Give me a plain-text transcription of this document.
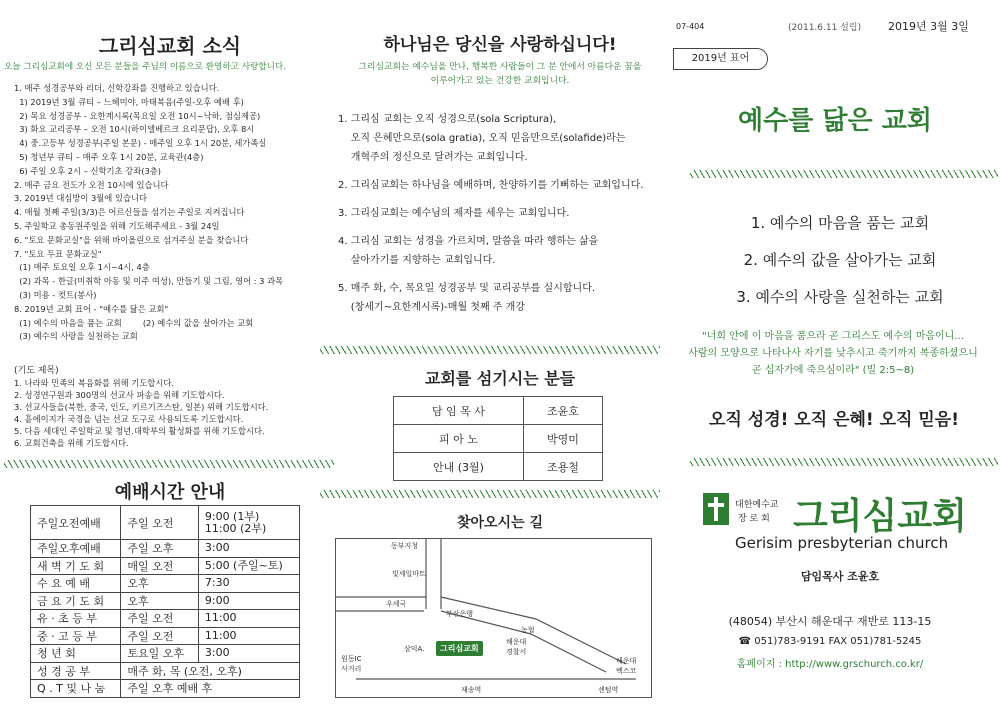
그리심교회 소식
오늘 그리심교회에 오신 모든 분들을 주님의 이름으로 환영하고 사랑합니다.
1. 매주 성경공부와 리더, 신학강좌를 진행하고 있습니다.
1) 2019년 3월 큐티 – 느헤미야, 마태복음(주일-오후 예배 후)
2) 목요 성경공부 - 요한계시록(목요일 오전 10시~낙하, 점심제공)
3) 화요 교리공부 – 오전 10시(하이델베르크 요리문답), 오후 8시
4) 중.고등부 성경공부(주일 본문) - 매주일 오후 1시 20분, 세가족실
5) 청년부 큐티 – 매주 오후 1시 20분, 교육관(4층)
6) 주일 오후 2시 – 신학기초 강좌(3층)
2. 매주 금요 전도가 오전 10시에 있습니다
3. 2019년 대심방이 3월에 있습니다
4. 매월 첫째 주일(3/3)은 어르신들을 섬기는 주일로 지켜집니다
5. 주일학교 총동원주일을 위해 기도해주세요 - 3월 24일
6. "토요 문화교실"을 위해 바이올린으로 섬겨주실 분을 찾습니다
7. "토요 두표 문화교실"
(1) 매주 토요일 오후 1시~4시, 4층
(2) 과목 - 한글(미취학 아동 및 이주 여성), 만들기 및 그림, 영어 : 3 과목
(3) 미용 - 컷트(봉사)
8. 2019년 교회 표어 - "예수를 닮은 교회"
(1) 예수의 마음을 품는 교회        (2) 예수의 값을 살아가는 교회
(3) 예수의 사랑을 실천하는 교회
(기도 제목)
1. 나라와 민족의 복음화를 위해 기도합시다.
2. 성경연구원과 300명의 선교사 파송을 위해 기도합시다.
3. 선교사들을(북한, 중국, 인도, 키르기즈스탄, 일본) 위해 기도합시다.
4. 흩에이지가 국경을 넘는 선교 도구로 사용되도록 기도합시다.
5. 다음 세대인 주일학교 및 청년.대학부의 활성화를 위해 기도합시다.
6. 교회건축을 위해 기도합시다.
예배시간 안내
주일오전예배	주일 오전	9:00 (1부)
11:00 (2부)
주일오후예배	주일 오후	3:00
새 벽 기 도 회	매일 오전	5:00 (주일~토)
수 요 예 배	오후	7:30
금 요 기 도 회	오후	9:00
유 · 초 등 부	주일 오전	11:00
중 · 고 등 부	주일 오전	11:00
청 년 회	토요일 오후	3:00
성 경 공 부	매주 화, 목 (오전, 오후)	
Q . T 및 나 눔	주일 오후 예배 후	
하나님은 당신을 사랑하십니다!
그리심교회는 예수님을 만나, 행복한 사람들이 그 분 안에서 아름다운 꿈을
이루어가고 있는 건강한 교회입니다.
1. 그리심 교회는 오직 성경으로(sola Scriptura),
오직 은혜만으로(sola gratia), 오직 믿음만으로(solafide)라는
개혁주의 정신으로 달려가는 교회입니다.
2. 그리심교회는 하나님을 예배하며, 찬양하기를 기뻐하는 교회입니다.
3. 그리심교회는 예수님의 제자를 세우는 교회입니다.
4. 그리심 교회는 성경을 가르치며, 말씀을 따라 행하는 삶을
살아가기를 지향하는 교회입니다.
5. 매주 화, 수, 목요일 성경공부 및 교리공부를 실시합니다.
(창세기~요한계시록)-매월 첫째 주 개강
교회를 섬기시는 분들
담 임 목 사	조윤호
피 아 노	박영미
안내 (3월)	조용철
찾아오시는 길
동부지청
빛세일마트
우세국
부산은행
농협
해운대
경찰서
삼익A.	그리심교회
원동IC
사거리
해운대
벡스코
재송역	센텀역
07-404	(2011.6.11 설립) 2019년 3월 3일
2019년 표어
예수를 닮은 교회
1. 예수의 마음을 품는 교회
2. 예수의 값을 살아가는 교회
3. 예수의 사랑을 실천하는 교회
"너희 안에 이 마음을 품으라 곧 그리스도 예수의 마음이니...
사람의 모양으로 나타나사 자기를 낮추시고 죽기까지 복종하셨으니
곧 십자가에 죽으심이라" (빌 2:5~8)
오직 성경! 오직 은혜! 오직 믿음!
대한예수교
장 로 회 그리심교회
Gerisim presbyterian church
담임목사 조윤호
(48054) 부산시 해운대구 재반로 113-15
☎ 051)783-9191 FAX 051)781-5245
홈페이지 : http://www.grschurch.co.kr/
